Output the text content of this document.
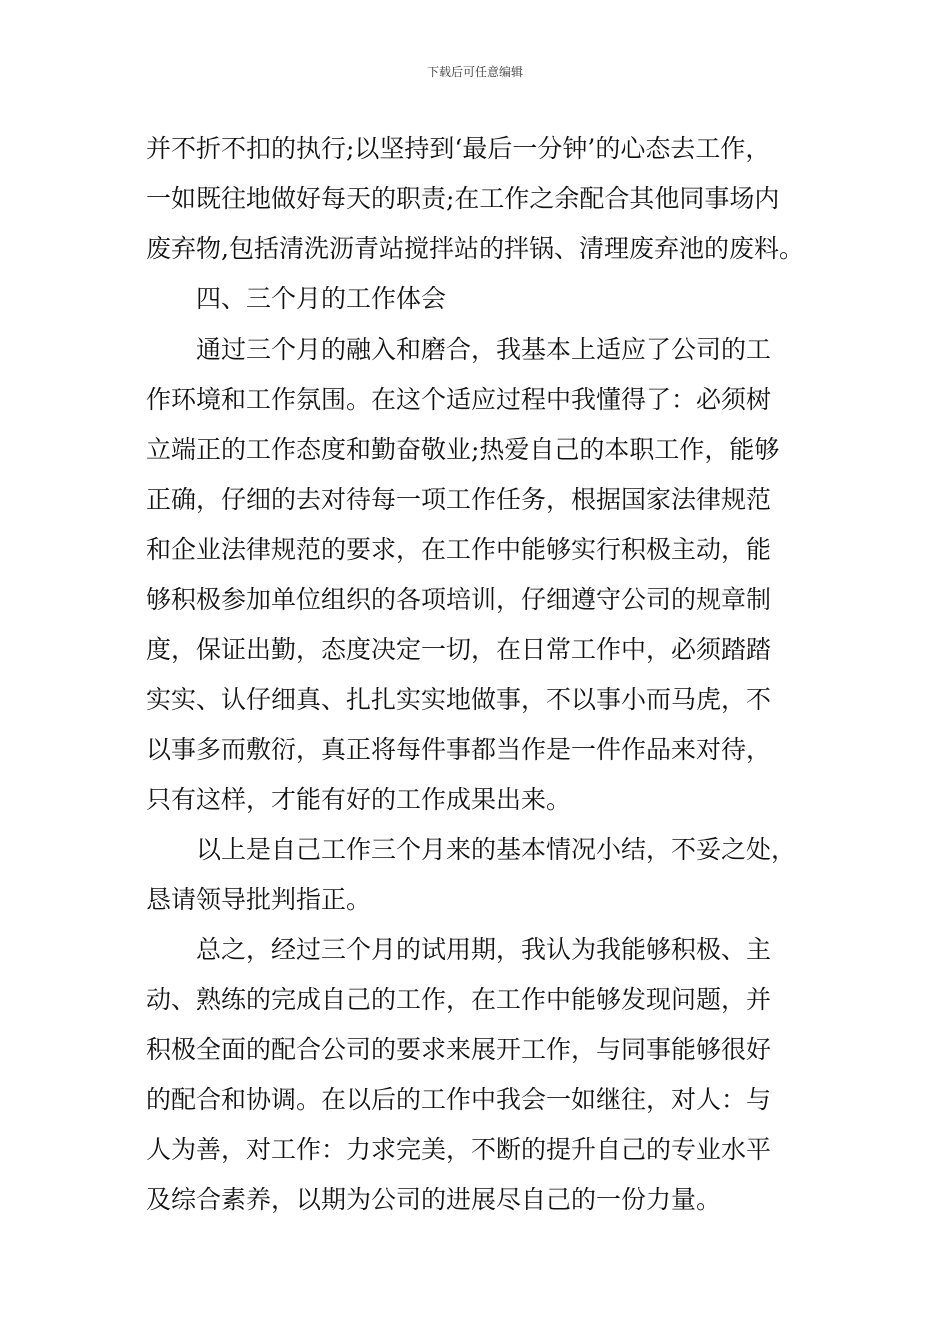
下载后可任意编辑
并不折不扣的执行;以坚持到‘最后一分钟’的心态去工作，
一如既往地做好每天的职责;在工作之余配合其他同事场内
废弃物,包括清洗沥青站搅拌站的拌锅、清理废弃池的废料。
四、三个月的工作体会
通过三个月的融入和磨合，我基本上适应了公司的工
作环境和工作氛围。在这个适应过程中我懂得了：必须树
立端正的工作态度和勤奋敬业;热爱自己的本职工作，能够
正确，仔细的去对待每一项工作任务，根据国家法律规范
和企业法律规范的要求，在工作中能够实行积极主动，能
够积极参加单位组织的各项培训，仔细遵守公司的规章制
度，保证出勤，态度决定一切，在日常工作中，必须踏踏
实实、认仔细真、扎扎实实地做事，不以事小而马虎，不
以事多而敷衍，真正将每件事都当作是一件作品来对待，
只有这样，才能有好的工作成果出来。
以上是自己工作三个月来的基本情况小结，不妥之处，
恳请领导批判指正。
总之，经过三个月的试用期，我认为我能够积极、主
动、熟练的完成自己的工作，在工作中能够发现问题，并
积极全面的配合公司的要求来展开工作，与同事能够很好
的配合和协调。在以后的工作中我会一如继往，对人：与
人为善，对工作：力求完美，不断的提升自己的专业水平
及综合素养，以期为公司的进展尽自己的一份力量。
